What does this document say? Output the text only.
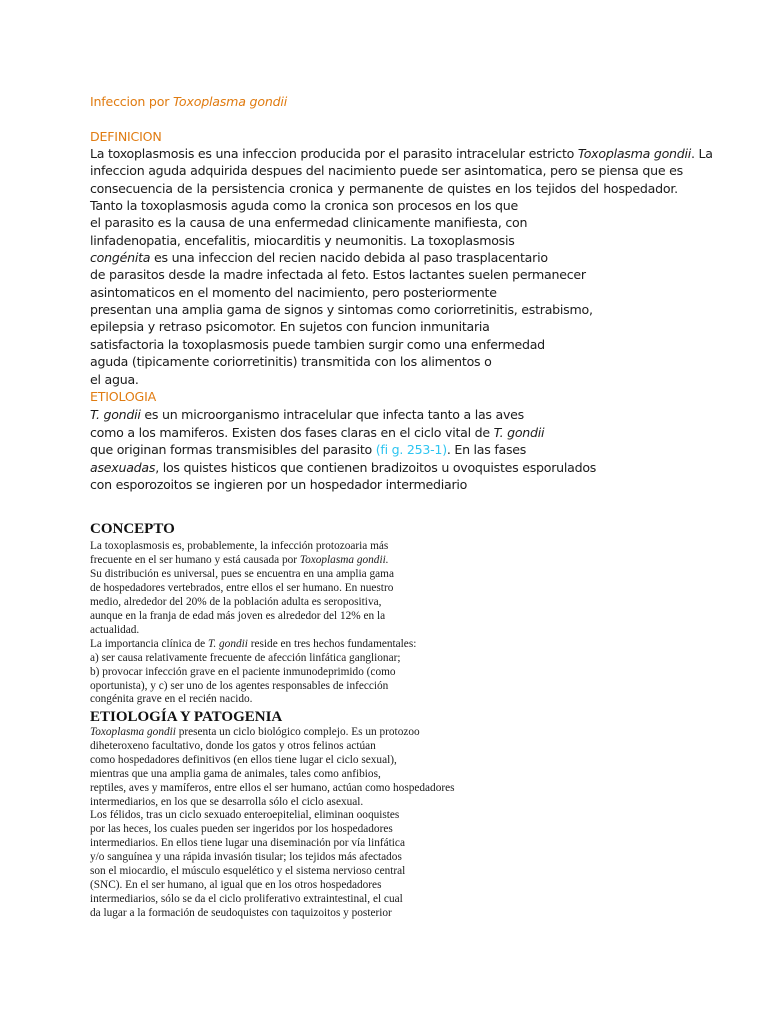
Infeccion por Toxoplasma gondii
DEFINICION
La toxoplasmosis es una infeccion producida por el parasito intracelular estricto Toxoplasma gondii. La
infeccion aguda adquirida despues del nacimiento puede ser asintomatica, pero se piensa que es
consecuencia de la persistencia cronica y permanente de quistes en los tejidos del hospedador.
Tanto la toxoplasmosis aguda como la cronica son procesos en los que
el parasito es la causa de una enfermedad clinicamente manifiesta, con
linfadenopatia, encefalitis, miocarditis y neumonitis. La toxoplasmosis
congénita es una infeccion del recien nacido debida al paso trasplacentario
de parasitos desde la madre infectada al feto. Estos lactantes suelen permanecer
asintomaticos en el momento del nacimiento, pero posteriormente
presentan una amplia gama de signos y sintomas como coriorretinitis, estrabismo,
epilepsia y retraso psicomotor. En sujetos con funcion inmunitaria
satisfactoria la toxoplasmosis puede tambien surgir como una enfermedad
aguda (tipicamente coriorretinitis) transmitida con los alimentos o
el agua.
ETIOLOGIA
T. gondii es un microorganismo intracelular que infecta tanto a las aves
como a los mamiferos. Existen dos fases claras en el ciclo vital de T. gondii
que originan formas transmisibles del parasito (fi g. 253-1). En las fases
asexuadas, los quistes histicos que contienen bradizoitos u ovoquistes esporulados
con esporozoitos se ingieren por un hospedador intermediario
CONCEPTO
La toxoplasmosis es, probablemente, la infección protozoaria más
frecuente en el ser humano y está causada por Toxoplasma gondii.
Su distribución es universal, pues se encuentra en una amplia gama
de hospedadores vertebrados, entre ellos el ser humano. En nuestro
medio, alrededor del 20% de la población adulta es seropositiva,
aunque en la franja de edad más joven es alrededor del 12% en la
actualidad.
La importancia clínica de T. gondii reside en tres hechos fundamentales:
a) ser causa relativamente frecuente de afección linfática ganglionar;
b) provocar infección grave en el paciente inmunodeprimido (como
oportunista), y c) ser uno de los agentes responsables de infección
congénita grave en el recién nacido.
ETIOLOGÍA Y PATOGENIA
Toxoplasma gondii presenta un ciclo biológico complejo. Es un protozoo
diheteroxeno facultativo, donde los gatos y otros felinos actúan
como hospedadores definitivos (en ellos tiene lugar el ciclo sexual),
mientras que una amplia gama de animales, tales como anfibios,
reptiles, aves y mamíferos, entre ellos el ser humano, actúan como hospedadores
intermediarios, en los que se desarrolla sólo el ciclo asexual.
Los félidos, tras un ciclo sexuado enteroepitelial, eliminan ooquistes
por las heces, los cuales pueden ser ingeridos por los hospedadores
intermediarios. En ellos tiene lugar una diseminación por vía linfática
y/o sanguínea y una rápida invasión tisular; los tejidos más afectados
son el miocardio, el músculo esquelético y el sistema nervioso central
(SNC). En el ser humano, al igual que en los otros hospedadores
intermediarios, sólo se da el ciclo proliferativo extraintestinal, el cual
da lugar a la formación de seudoquistes con taquizoitos y posterior
